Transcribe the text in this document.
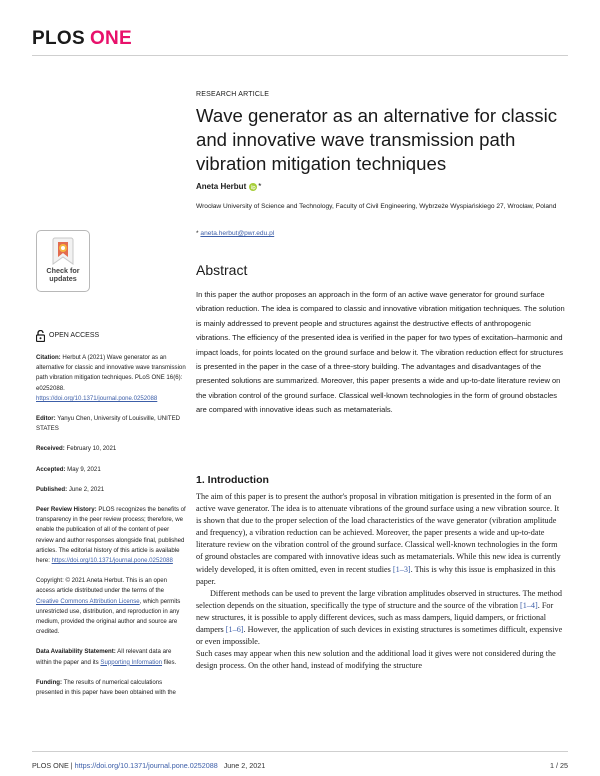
PLOS ONE
Check for
updates
RESEARCH ARTICLE
Wave generator as an alternative for classic and innovative wave transmission path vibration mitigation techniques
Aneta Herbut *
Wrocław University of Science and Technology, Faculty of Civil Engineering, Wybrzeże Wyspiańskiego 27, Wrocław, Poland
* aneta.herbut@pwr.edu.pl
OPEN ACCESS
Citation: Herbut A (2021) Wave generator as an alternative for classic and innovative wave transmission path vibration mitigation techniques. PLoS ONE 16(6): e0252088. https://doi.org/10.1371/journal.pone.0252088
Editor: Yanyu Chen, University of Louisville, UNITED STATES
Received: February 10, 2021
Accepted: May 9, 2021
Published: June 2, 2021
Peer Review History: PLOS recognizes the benefits of transparency in the peer review process; therefore, we enable the publication of all of the content of peer review and author responses alongside final, published articles. The editorial history of this article is available here: https://doi.org/10.1371/journal.pone.0252088
Copyright: © 2021 Aneta Herbut. This is an open access article distributed under the terms of the Creative Commons Attribution License, which permits unrestricted use, distribution, and reproduction in any medium, provided the original author and source are credited.
Data Availability Statement: All relevant data are within the paper and its Supporting Information files.
Funding: The results of numerical calculations presented in this paper have been obtained with the
Abstract

In this paper the author proposes an approach in the form of an active wave generator for ground surface vibration reduction. The idea is compared to classic and innovative vibration mitigation techniques. The solution is mainly addressed to prevent people and structures against the destructive effects of anthropogenic vibrations. The efficiency of the presented idea is verified in the paper for two types of excitation–harmonic and impact loads, for points located on the ground surface and below it. The vibration reduction effect for structures is presented in the paper in the case of a three-story building. The advantages and disadvantages of the presented solutions are summarized. Moreover, this paper presents a wide and up-to-date literature review on the vibration control of the ground surface. Classical well-known technologies in the form of ground obstacles are compared with innovative ideas such as metamaterials.

1. Introduction

The aim of this paper is to present the author's proposal in vibration mitigation is presented in the form of an active wave generator. The idea is to attenuate vibrations of the ground surface using a new vibration source. It is shown that due to the proper selection of the load characteristics of the wave generator (vibration amplitude and frequency), a vibration reduction can be achieved. Moreover, the paper presents a wide and up-to-date literature review on the vibration control of the ground surface. Classical well-known technologies in the form of ground obstacles are compared with innovative ideas such as metamaterials. While this new idea is currently widely developed, it is often omitted, even in recent studies [1–3]. This is why this issue is emphasized in this paper.

Different methods can be used to prevent the large vibration amplitudes observed in structures. The method selection depends on the situation, specifically the type of structure and the source of the vibration [1–4]. For new structures, it is possible to apply different devices, such as mass dampers, liquid dampers, or frictional dampers [1–6]. However, the application of such devices in existing structures is sometimes difficult, expensive or even impossible.

Such cases may appear when this new solution and the additional load it gives were not considered during the design process. On the other hand, instead of modifying the structure

PLOS ONE | https://doi.org/10.1371/journal.pone.0252088 June 2, 2021	1 / 25
